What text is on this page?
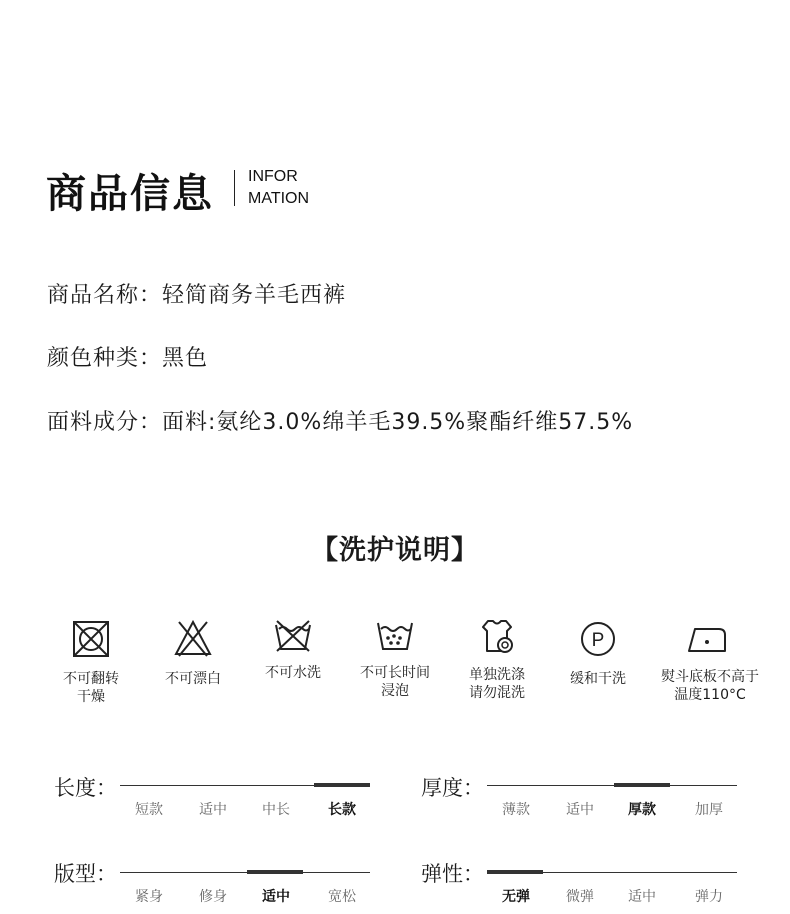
商品信息 INFOR
MATION
商品名称：轻简商务羊毛西裤
颜色种类：黑色
面料成分：面料:氨纶3.0%绵羊毛39.5%聚酯纤维57.5%
【洗护说明】
P
不可翻转
干燥
不可漂白	不可水洗	不可长时间
浸泡
单独洗涤
请勿混洗
缓和干洗	熨斗底板不高于
温度110°C
长度：
短款	适中	中长	长款
厚度：
薄款	适中	厚款	加厚
版型：
紧身	修身	适中	宽松
弹性：
无弹	微弹	适中	弹力
